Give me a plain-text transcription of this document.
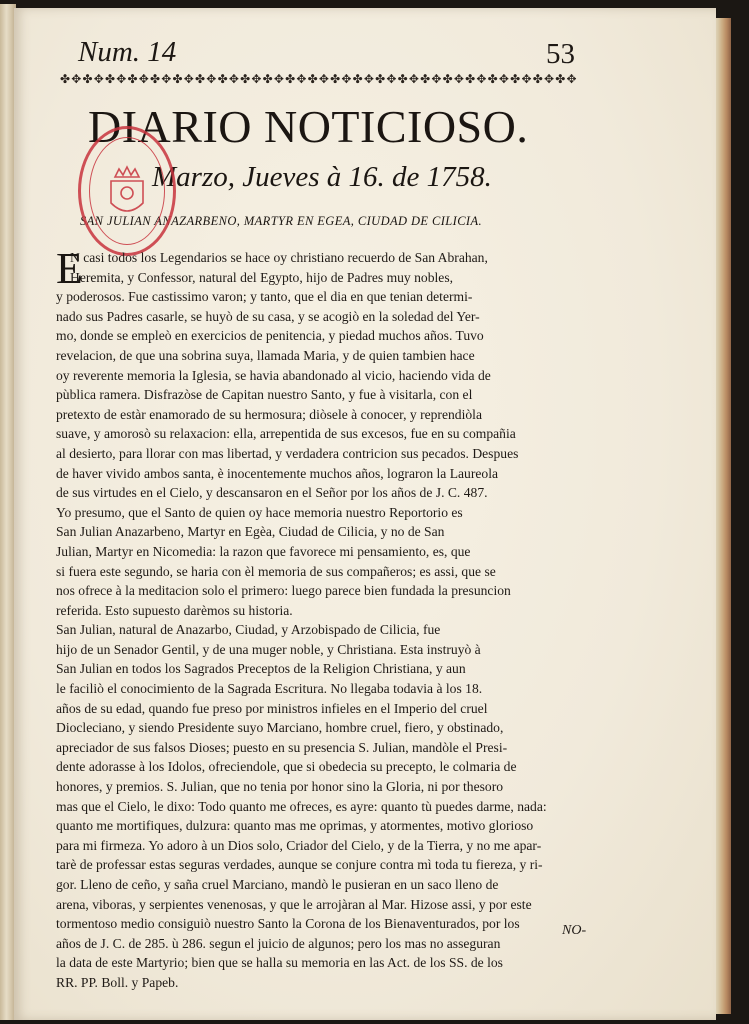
Num. 14	53
✤✥✤✥✤✥✤✥✤✥✤✥✤✥✤✥✤✥✤✥✤✥✤✥✤✥✤✥✤✥✤✥✤✥✤✥✤✥✤✥✤✥✤✥✤✥
DIARIO NOTICIOSO.
Marzo, Jueves à 16. de 1758.
SAN JULIAN ANAZARBENO, MARTYR EN EGEA, CIUDAD DE CILICIA.
E
N casi todos los Legendarios se hace oy christiano recuerdo de San Abrahan,
Heremita, y Confessor, natural del Egypto, hijo de Padres muy nobles,
y poderosos. Fue castissimo varon; y tanto, que el dia en que tenian determi-
nado sus Padres casarle, se huyò de su casa, y se acogiò en la soledad del Yer-
mo, donde se empleò en exercicios de penitencia, y piedad muchos años. Tuvo
revelacion, de que una sobrina suya, llamada Maria, y de quien tambien hace
oy reverente memoria la Iglesia, se havia abandonado al vicio, haciendo vida de
pùblica ramera. Disfrazòse de Capitan nuestro Santo, y fue à visitarla, con el
pretexto de estàr enamorado de su hermosura; diòsele à conocer, y reprendiòla
suave, y amorosò su relaxacion: ella, arrepentida de sus excesos, fue en su compañia
al desierto, para llorar con mas libertad, y verdadera contricion sus pecados. Despues
de haver vivido ambos santa, è inocentemente muchos años, lograron la Laureola
de sus virtudes en el Cielo, y descansaron en el Señor por los años de J. C. 487.
Yo presumo, que el Santo de quien oy hace memoria nuestro Reportorio es
San Julian Anazarbeno, Martyr en Egèa, Ciudad de Cilicia, y no de San
Julian, Martyr en Nicomedia: la razon que favorece mi pensamiento, es, que
si fuera este segundo, se haria con èl memoria de sus compañeros; es assi, que se
nos ofrece à la meditacion solo el primero: luego parece bien fundada la presuncion
referida. Esto supuesto darèmos su historia.
San Julian, natural de Anazarbo, Ciudad, y Arzobispado de Cilicia, fue
hijo de un Senador Gentil, y de una muger noble, y Christiana. Esta instruyò à
San Julian en todos los Sagrados Preceptos de la Religion Christiana, y aun
le faciliò el conocimiento de la Sagrada Escritura. No llegaba todavia à los 18.
años de su edad, quando fue preso por ministros infieles en el Imperio del cruel
Diocleciano, y siendo Presidente suyo Marciano, hombre cruel, fiero, y obstinado,
apreciador de sus falsos Dioses; puesto en su presencia S. Julian, mandòle el Presi-
dente adorasse à los Idolos, ofreciendole, que si obedecia su precepto, le colmaria de
honores, y premios. S. Julian, que no tenia por honor sino la Gloria, ni por thesoro
mas que el Cielo, le dixo: Todo quanto me ofreces, es ayre: quanto tù puedes darme, nada:
quanto me mortifiques, dulzura: quanto mas me oprimas, y atormentes, motivo glorioso
para mi firmeza. Yo adoro à un Dios solo, Criador del Cielo, y de la Tierra, y no me apar-
tarè de professar estas seguras verdades, aunque se conjure contra mì toda tu fiereza, y ri-
gor. Lleno de ceño, y saña cruel Marciano, mandò le pusieran en un saco lleno de
arena, viboras, y serpientes venenosas, y que le arrojàran al Mar. Hizose assi, y por este
tormentoso medio consiguiò nuestro Santo la Corona de los Bienaventurados, por los
años de J. C. de 285. ù 286. segun el juicio de algunos; pero los mas no asseguran
la data de este Martyrio; bien que se halla su memoria en las Act. de los SS. de los
RR. PP. Boll. y Papeb.
NO-
